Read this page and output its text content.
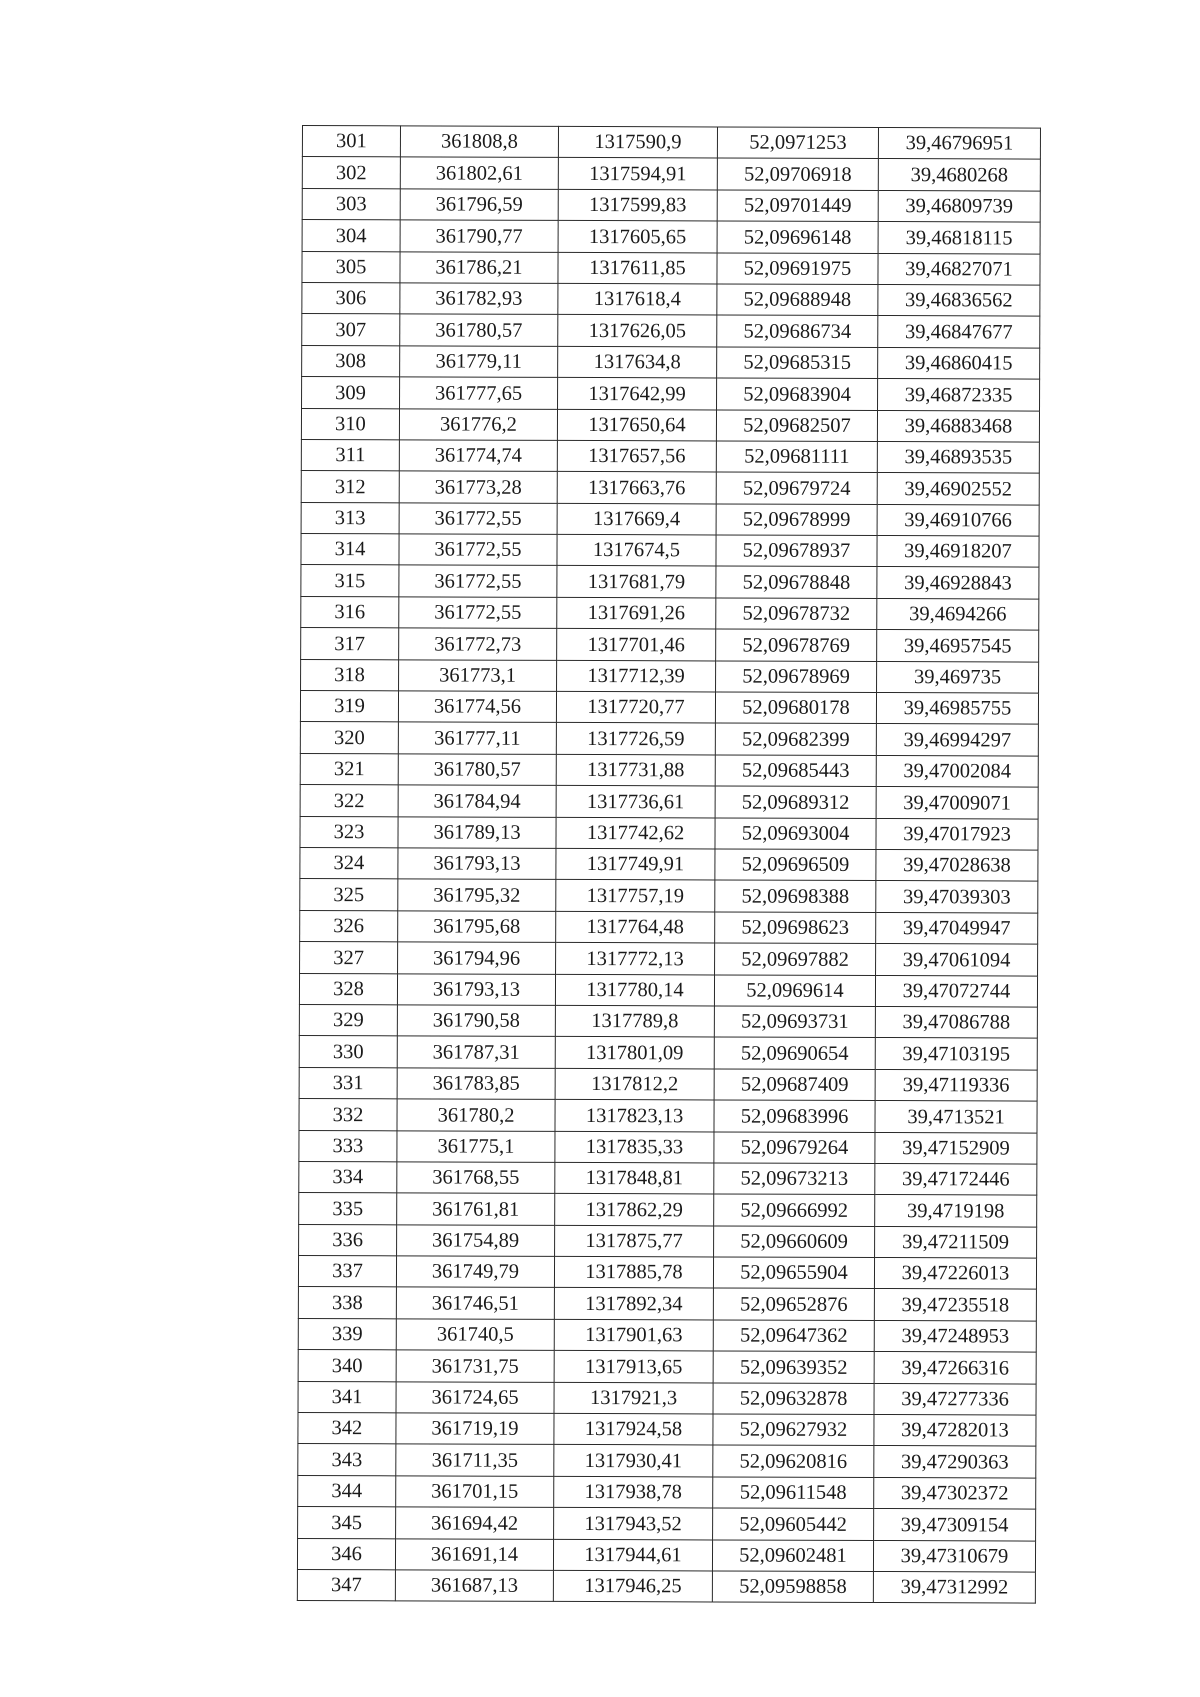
301	361808,8	1317590,9	52,0971253	39,46796951
302	361802,61	1317594,91	52,09706918	39,4680268
303	361796,59	1317599,83	52,09701449	39,46809739
304	361790,77	1317605,65	52,09696148	39,46818115
305	361786,21	1317611,85	52,09691975	39,46827071
306	361782,93	1317618,4	52,09688948	39,46836562
307	361780,57	1317626,05	52,09686734	39,46847677
308	361779,11	1317634,8	52,09685315	39,46860415
309	361777,65	1317642,99	52,09683904	39,46872335
310	361776,2	1317650,64	52,09682507	39,46883468
311	361774,74	1317657,56	52,09681111	39,46893535
312	361773,28	1317663,76	52,09679724	39,46902552
313	361772,55	1317669,4	52,09678999	39,46910766
314	361772,55	1317674,5	52,09678937	39,46918207
315	361772,55	1317681,79	52,09678848	39,46928843
316	361772,55	1317691,26	52,09678732	39,4694266
317	361772,73	1317701,46	52,09678769	39,46957545
318	361773,1	1317712,39	52,09678969	39,469735
319	361774,56	1317720,77	52,09680178	39,46985755
320	361777,11	1317726,59	52,09682399	39,46994297
321	361780,57	1317731,88	52,09685443	39,47002084
322	361784,94	1317736,61	52,09689312	39,47009071
323	361789,13	1317742,62	52,09693004	39,47017923
324	361793,13	1317749,91	52,09696509	39,47028638
325	361795,32	1317757,19	52,09698388	39,47039303
326	361795,68	1317764,48	52,09698623	39,47049947
327	361794,96	1317772,13	52,09697882	39,47061094
328	361793,13	1317780,14	52,0969614	39,47072744
329	361790,58	1317789,8	52,09693731	39,47086788
330	361787,31	1317801,09	52,09690654	39,47103195
331	361783,85	1317812,2	52,09687409	39,47119336
332	361780,2	1317823,13	52,09683996	39,4713521
333	361775,1	1317835,33	52,09679264	39,47152909
334	361768,55	1317848,81	52,09673213	39,47172446
335	361761,81	1317862,29	52,09666992	39,4719198
336	361754,89	1317875,77	52,09660609	39,47211509
337	361749,79	1317885,78	52,09655904	39,47226013
338	361746,51	1317892,34	52,09652876	39,47235518
339	361740,5	1317901,63	52,09647362	39,47248953
340	361731,75	1317913,65	52,09639352	39,47266316
341	361724,65	1317921,3	52,09632878	39,47277336
342	361719,19	1317924,58	52,09627932	39,47282013
343	361711,35	1317930,41	52,09620816	39,47290363
344	361701,15	1317938,78	52,09611548	39,47302372
345	361694,42	1317943,52	52,09605442	39,47309154
346	361691,14	1317944,61	52,09602481	39,47310679
347	361687,13	1317946,25	52,09598858	39,47312992
